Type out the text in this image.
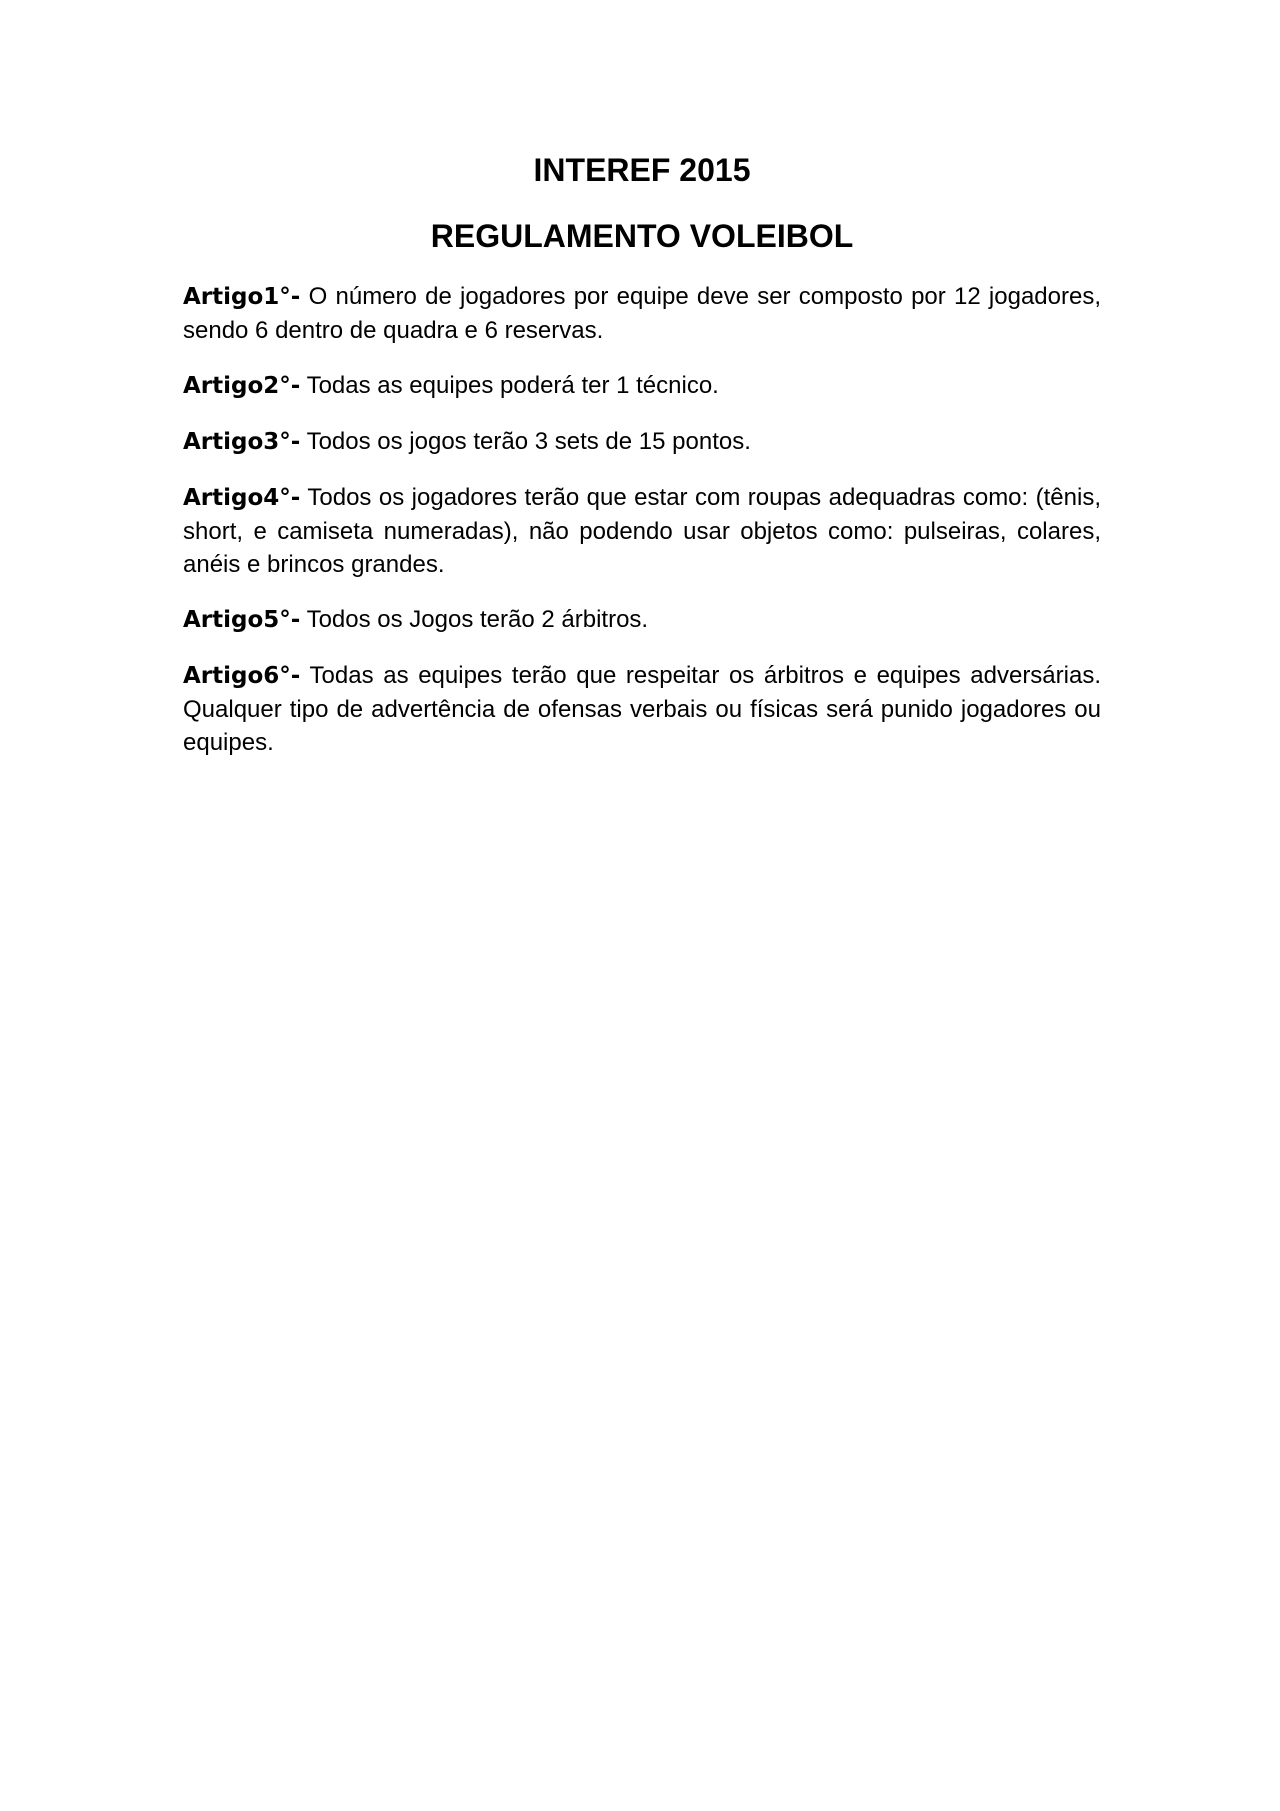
INTEREF 2015
REGULAMENTO VOLEIBOL

Artigo1°- O número de jogadores por equipe deve ser composto por 12 jogadores, sendo 6 dentro de quadra e 6 reservas.

Artigo2°- Todas as equipes poderá ter 1 técnico.

Artigo3°- Todos os jogos terão 3 sets de 15 pontos.

Artigo4°- Todos os jogadores terão que estar com roupas adequadras como: (tênis, short, e camiseta numeradas), não podendo usar objetos como: pulseiras, colares, anéis e brincos grandes.

Artigo5°- Todos os Jogos terão 2 árbitros.

Artigo6°- Todas as equipes terão que respeitar os árbitros e equipes adversárias. Qualquer tipo de advertência de ofensas verbais ou físicas será punido jogadores ou equipes.
